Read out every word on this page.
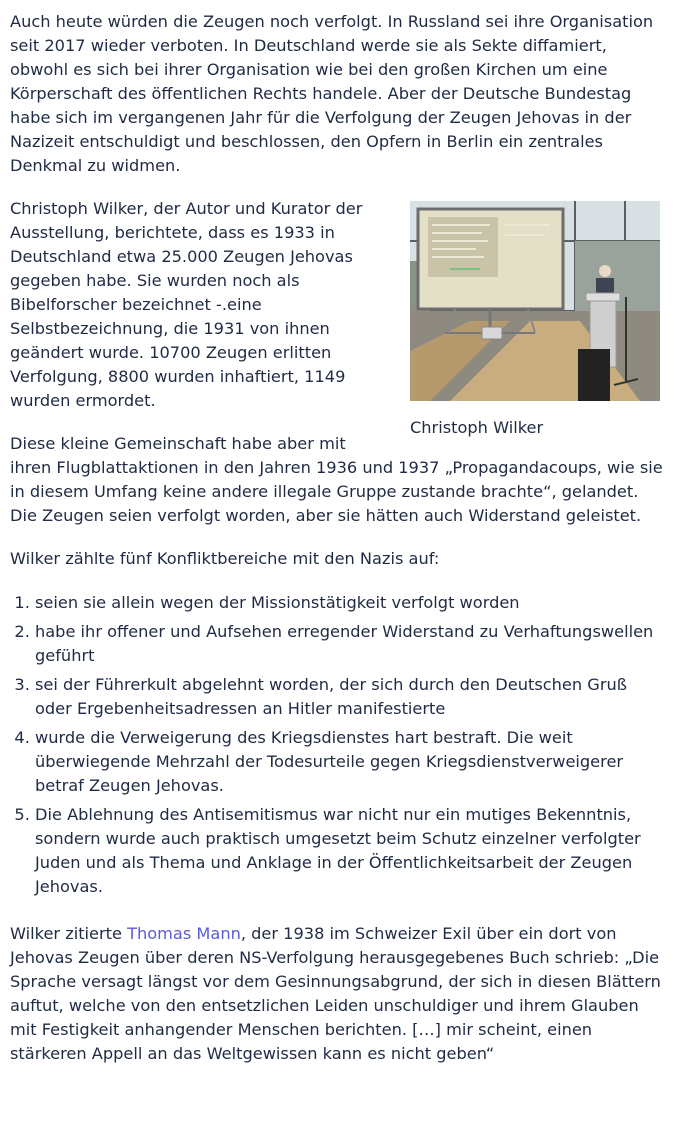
Auch heute würden die Zeugen noch verfolgt. In Russland sei ihre Organisation seit 2017 wieder verboten. In Deutschland werde sie als Sekte diffamiert, obwohl es sich bei ihrer Organisation wie bei den großen Kirchen um eine Körperschaft des öffentlichen Rechts handele. Aber der Deutsche Bundestag habe sich im vergangenen Jahr für die Verfolgung der Zeugen Jehovas in der Nazizeit entschuldigt und beschlossen, den Opfern in Berlin ein zentrales Denkmal zu widmen.

Christoph Wilker

Christoph Wilker, der Autor und Kurator der Ausstellung, berichtete, dass es 1933 in Deutschland etwa 25.000 Zeugen Jehovas gegeben habe. Sie wurden noch als Bibelforscher bezeichnet -.eine Selbstbezeichnung, die 1931 von ihnen geändert wurde. 10700 Zeugen erlitten Verfolgung, 8800 wurden inhaftiert, 1149 wurden ermordet.

Diese kleine Gemeinschaft habe aber mit ihren Flugblattaktionen in den Jahren 1936 und 1937 „Propagandacoups, wie sie in diesem Umfang keine andere illegale Gruppe zustande brachte“, gelandet. Die Zeugen seien verfolgt worden, aber sie hätten auch Widerstand geleistet.

Wilker zählte fünf Konfliktbereiche mit den Nazis auf:

1. seien sie allein wegen der Missionstätigkeit verfolgt worden
2. habe ihr offener und Aufsehen erregender Widerstand zu Verhaftungswellen geführt
3. sei der Führerkult abgelehnt worden, der sich durch den Deutschen Gruß oder Ergebenheitsadressen an Hitler manifestierte
4. wurde die Verweigerung des Kriegsdienstes hart bestraft. Die weit überwiegende Mehrzahl der Todesurteile gegen Kriegsdienstverweigerer betraf Zeugen Jehovas.
5. Die Ablehnung des Antisemitismus war nicht nur ein mutiges Bekenntnis, sondern wurde auch praktisch umgesetzt beim Schutz einzelner verfolgter Juden und als Thema und Anklage in der Öffentlichkeitsarbeit der Zeugen Jehovas.

Wilker zitierte Thomas Mann, der 1938 im Schweizer Exil über ein dort von Jehovas Zeugen über deren NS-Verfolgung herausgegebenes Buch schrieb: „Die Sprache versagt längst vor dem Gesinnungsabgrund, der sich in diesen Blättern auftut, welche von den entsetzlichen Leiden unschuldiger und ihrem Glauben mit Festigkeit anhangender Menschen berichten. […] mir scheint, einen stärkeren Appell an das Weltgewissen kann es nicht geben“
